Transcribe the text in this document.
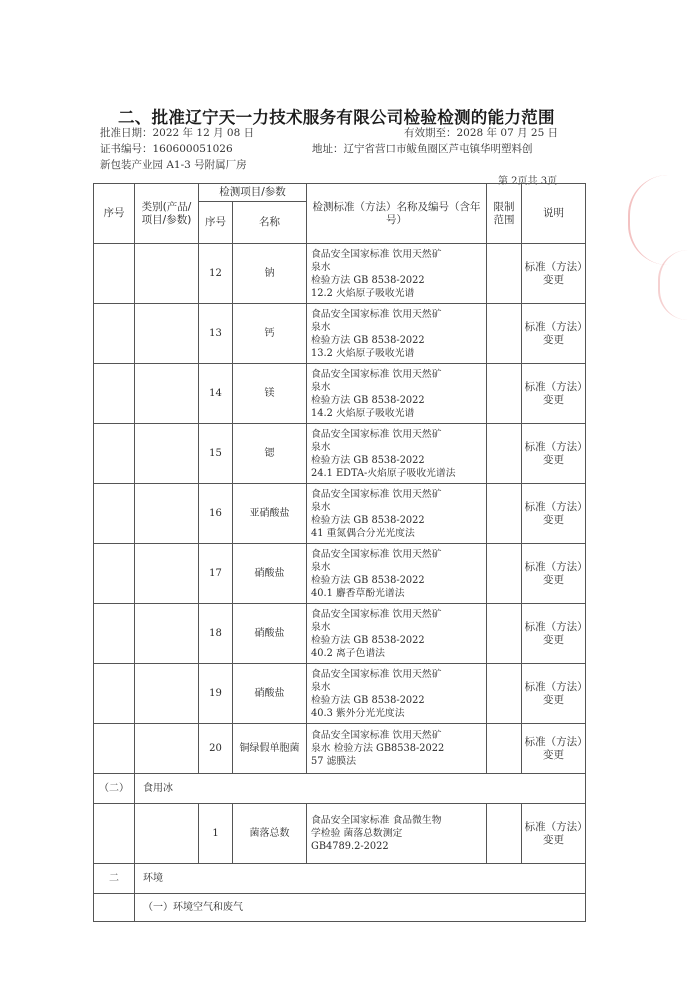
二、批准辽宁天一力技术服务有限公司检验检测的能力范围
批准日期：2022 年 12 月 08 日	有效期至：2028 年 07 月 25 日
证书编号：160600051026	地址：辽宁省营口市鲅鱼圈区芦屯镇华明塑料创
新包装产业园 A1-3 号附属厂房
第 2页共 3页
序号	类别(产品/项目/参数)	检测项目/参数		检测标准（方法）名称及编号（含年号）	限制范围	说明
		序号	名称			
		12	钠	食品安全国家标准 饮用天然矿
泉水
检验方法 GB 8538-2022
12.2 火焰原子吸收光谱		标准（方法）变更
		13	钙	食品安全国家标准 饮用天然矿
泉水
检验方法 GB 8538-2022
13.2 火焰原子吸收光谱		标准（方法）变更
		14	镁	食品安全国家标准 饮用天然矿
泉水
检验方法 GB 8538-2022
14.2 火焰原子吸收光谱		标准（方法）变更
		15	锶	食品安全国家标准 饮用天然矿
泉水
检验方法 GB 8538-2022
24.1 EDTA-火焰原子吸收光谱法		标准（方法）变更
		16	亚硝酸盐	食品安全国家标准 饮用天然矿
泉水
检验方法 GB 8538-2022
41 重氮偶合分光光度法		标准（方法）变更
		17	硝酸盐	食品安全国家标准 饮用天然矿
泉水
检验方法 GB 8538-2022
40.1 麝香草酚光谱法		标准（方法）变更
		18	硝酸盐	食品安全国家标准 饮用天然矿
泉水
检验方法 GB 8538-2022
40.2 离子色谱法		标准（方法）变更
		19	硝酸盐	食品安全国家标准 饮用天然矿
泉水
检验方法 GB 8538-2022
40.3 紫外分光光度法		标准（方法）变更
		20	铜绿假单胞菌	食品安全国家标准 饮用天然矿
泉水 检验方法 GB8538-2022
57 滤膜法		标准（方法）变更
（二）	食用冰					
		1	菌落总数	食品安全国家标准 食品微生物
学检验 菌落总数测定
GB4789.2-2022		标准（方法）变更
二	环境					
	（一）环境空气和废气					
